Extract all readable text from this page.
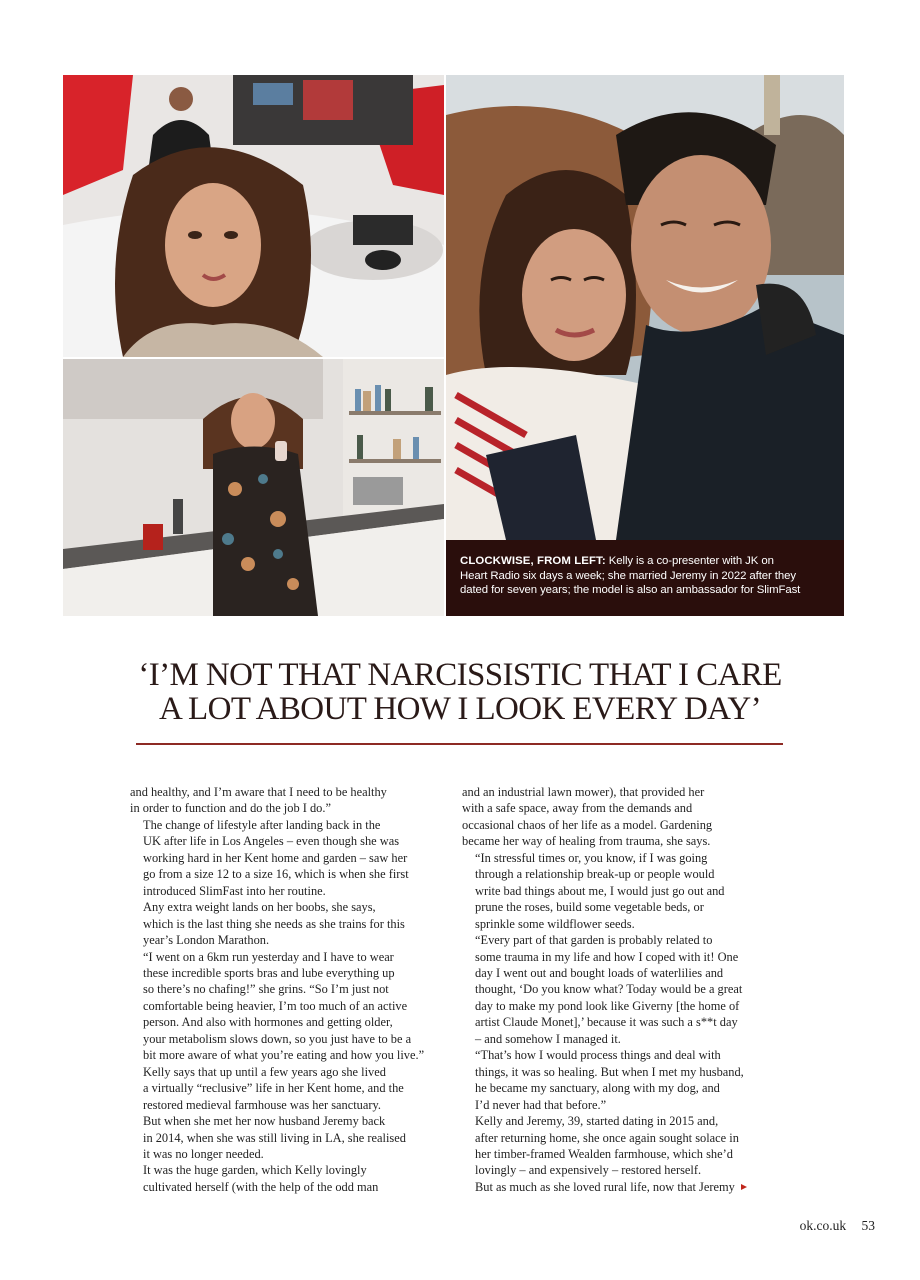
CLOCKWISE, FROM LEFT: Kelly is a co-presenter with JK on
Heart Radio six days a week; she married Jeremy in 2022 after they
dated for seven years; the model is also an ambassador for SlimFast
‘I’M NOT THAT NARCISSISTIC THAT I CARE
A LOT ABOUT HOW I LOOK EVERY DAY’

and healthy, and I’m aware that I need to be healthy
in order to function and do the job I do.”

The change of lifestyle after landing back in the
UK after life in Los Angeles – even though she was
working hard in her Kent home and garden – saw her
go from a size 12 to a size 16, which is when she first
introduced SlimFast into her routine.

Any extra weight lands on her boobs, she says,
which is the last thing she needs as she trains for this
year’s London Marathon.

“I went on a 6km run yesterday and I have to wear
these incredible sports bras and lube everything up
so there’s no chafing!” she grins. “So I’m just not
comfortable being heavier, I’m too much of an active
person. And also with hormones and getting older,
your metabolism slows down, so you just have to be a
bit more aware of what you’re eating and how you live.”

Kelly says that up until a few years ago she lived
a virtually “reclusive” life in her Kent home, and the
restored medieval farmhouse was her sanctuary.
But when she met her now husband Jeremy back
in 2014, when she was still living in LA, she realised
it was no longer needed.

It was the huge garden, which Kelly lovingly
cultivated herself (with the help of the odd man

and an industrial lawn mower), that provided her
with a safe space, away from the demands and
occasional chaos of her life as a model. Gardening
became her way of healing from trauma, she says.

“In stressful times or, you know, if I was going
through a relationship break-up or people would
write bad things about me, I would just go out and
prune the roses, build some vegetable beds, or
sprinkle some wildflower seeds.

“Every part of that garden is probably related to
some trauma in my life and how I coped with it! One
day I went out and bought loads of waterlilies and
thought, ‘Do you know what? Today would be a great
day to make my pond look like Giverny [the home of
artist Claude Monet],’ because it was such a s**t day
– and somehow I managed it.

“That’s how I would process things and deal with
things, it was so healing. But when I met my husband,
he became my sanctuary, along with my dog, and
I’d never had that before.”

Kelly and Jeremy, 39, started dating in 2015 and,
after returning home, she once again sought solace in
her timber-framed Wealden farmhouse, which she’d
lovingly – and expensively – restored herself.

But as much as she loved rural life, now that Jeremy

ok.co.uk 53
